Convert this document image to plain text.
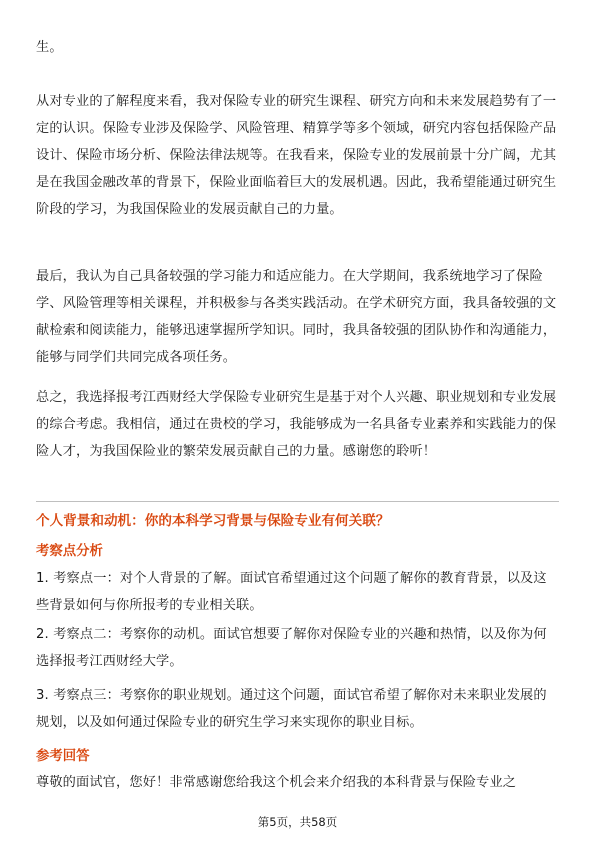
生。

从对专业的了解程度来看，我对保险专业的研究生课程、研究方向和未来发展趋势有了一定的认识。保险专业涉及保险学、风险管理、精算学等多个领域，研究内容包括保险产品设计、保险市场分析、保险法律法规等。在我看来，保险专业的发展前景十分广阔，尤其是在我国金融改革的背景下，保险业面临着巨大的发展机遇。因此，我希望能通过研究生阶段的学习，为我国保险业的发展贡献自己的力量。

最后，我认为自己具备较强的学习能力和适应能力。在大学期间，我系统地学习了保险学、风险管理等相关课程，并积极参与各类实践活动。在学术研究方面，我具备较强的文献检索和阅读能力，能够迅速掌握所学知识。同时，我具备较强的团队协作和沟通能力，能够与同学们共同完成各项任务。

总之，我选择报考江西财经大学保险专业研究生是基于对个人兴趣、职业规划和专业发展的综合考虑。我相信，通过在贵校的学习，我能够成为一名具备专业素养和实践能力的保险人才，为我国保险业的繁荣发展贡献自己的力量。感谢您的聆听！

个人背景和动机：你的本科学习背景与保险专业有何关联？

考察点分析

1. 考察点一：对个人背景的了解。面试官希望通过这个问题了解你的教育背景，以及这些背景如何与你所报考的专业相关联。

2. 考察点二：考察你的动机。面试官想要了解你对保险专业的兴趣和热情，以及你为何选择报考江西财经大学。

3. 考察点三：考察你的职业规划。通过这个问题，面试官希望了解你对未来职业发展的规划，以及如何通过保险专业的研究生学习来实现你的职业目标。

参考回答

尊敬的面试官，您好！非常感谢您给我这个机会来介绍我的本科背景与保险专业之

第5页，共58页
